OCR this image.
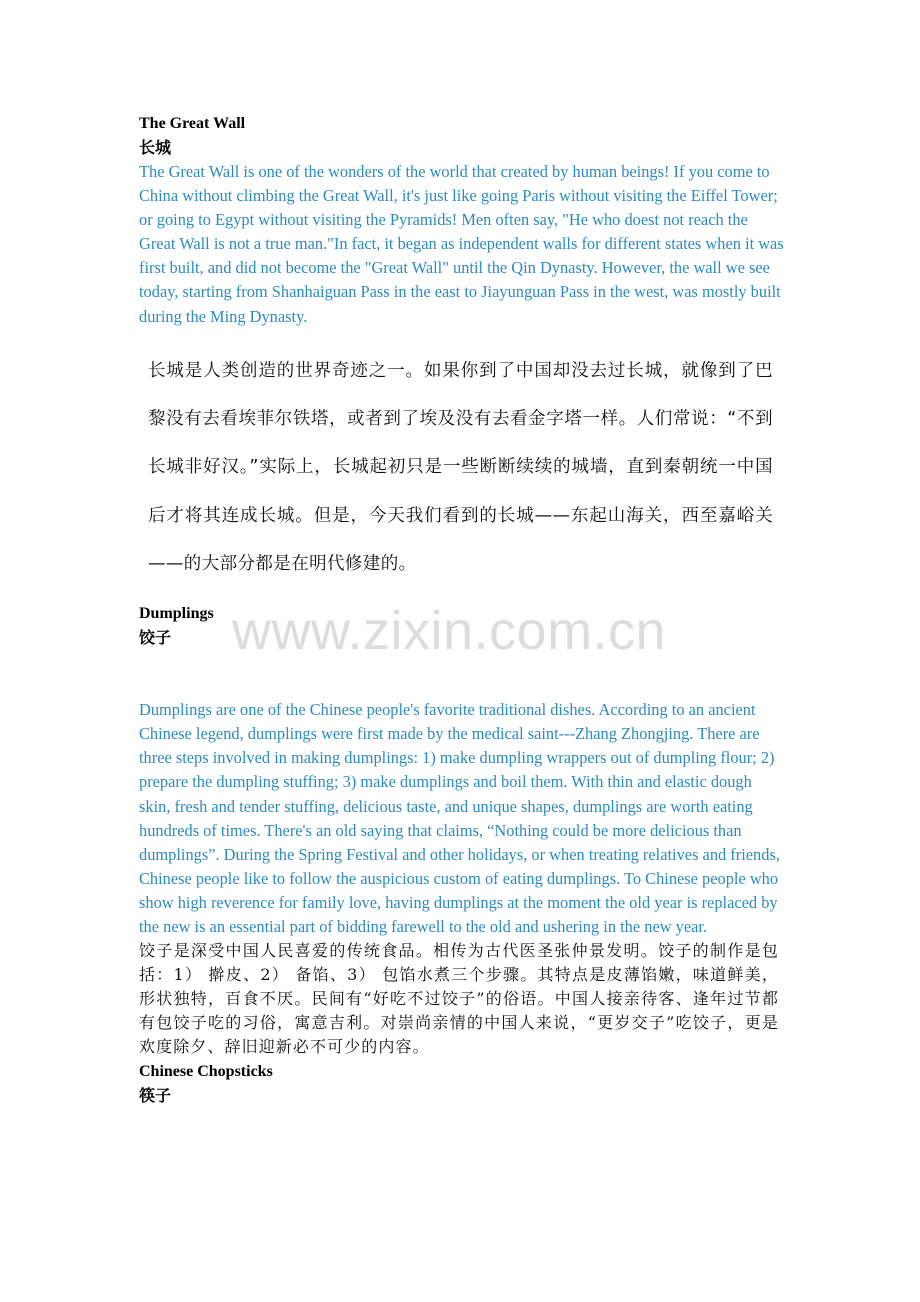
www.zixin.com.cn

The Great Wall

长城

The Great Wall is one of the wonders of the world that created by human beings! If you come to China without climbing the Great Wall, it's just like going Paris without visiting the Eiffel Tower; or going to Egypt without visiting the Pyramids! Men often say, "He who doest not reach the Great Wall is not a true man."In fact, it began as independent walls for different states when it was first built, and did not become the "Great Wall" until the Qin Dynasty. However, the wall we see today, starting from Shanhaiguan Pass in the east to Jiayunguan Pass in the west, was mostly built during the Ming Dynasty.

长城是人类创造的世界奇迹之一。如果你到了中国却没去过长城，就像到了巴黎没有去看埃菲尔铁塔，或者到了埃及没有去看金字塔一样。人们常说：“不到长城非好汉。”实际上，长城起初只是一些断断续续的城墙，直到秦朝统一中国后才将其连成长城。但是，今天我们看到的长城——东起山海关，西至嘉峪关——的大部分都是在明代修建的。

Dumplings

饺子

Dumplings are one of the Chinese people's favorite traditional dishes. According to an ancient Chinese legend, dumplings were first made by the medical saint---Zhang Zhongjing. There are three steps involved in making dumplings: 1) make dumpling wrappers out of dumpling flour; 2) prepare the dumpling stuffing; 3) make dumplings and boil them. With thin and elastic dough skin, fresh and tender stuffing, delicious taste, and unique shapes, dumplings are worth eating hundreds of times. There's an old saying that claims, “Nothing could be more delicious than dumplings”. During the Spring Festival and other holidays, or when treating relatives and friends, Chinese people like to follow the auspicious custom of eating dumplings. To Chinese people who show high reverence for family love, having dumplings at the moment the old year is replaced by the new is an essential part of bidding farewell to the old and ushering in the new year.

饺子是深受中国人民喜爱的传统食品。相传为古代医圣张仲景发明。饺子的制作是包括：1） 擀皮、2） 备馅、3） 包馅水煮三个步骤。其特点是皮薄馅嫩，味道鲜美，形状独特，百食不厌。民间有“好吃不过饺子”的俗语。中国人接亲待客、逢年过节都有包饺子吃的习俗，寓意吉利。对崇尚亲情的中国人来说，“更岁交子”吃饺子，更是欢度除夕、辞旧迎新必不可少的内容。

Chinese Chopsticks

筷子
